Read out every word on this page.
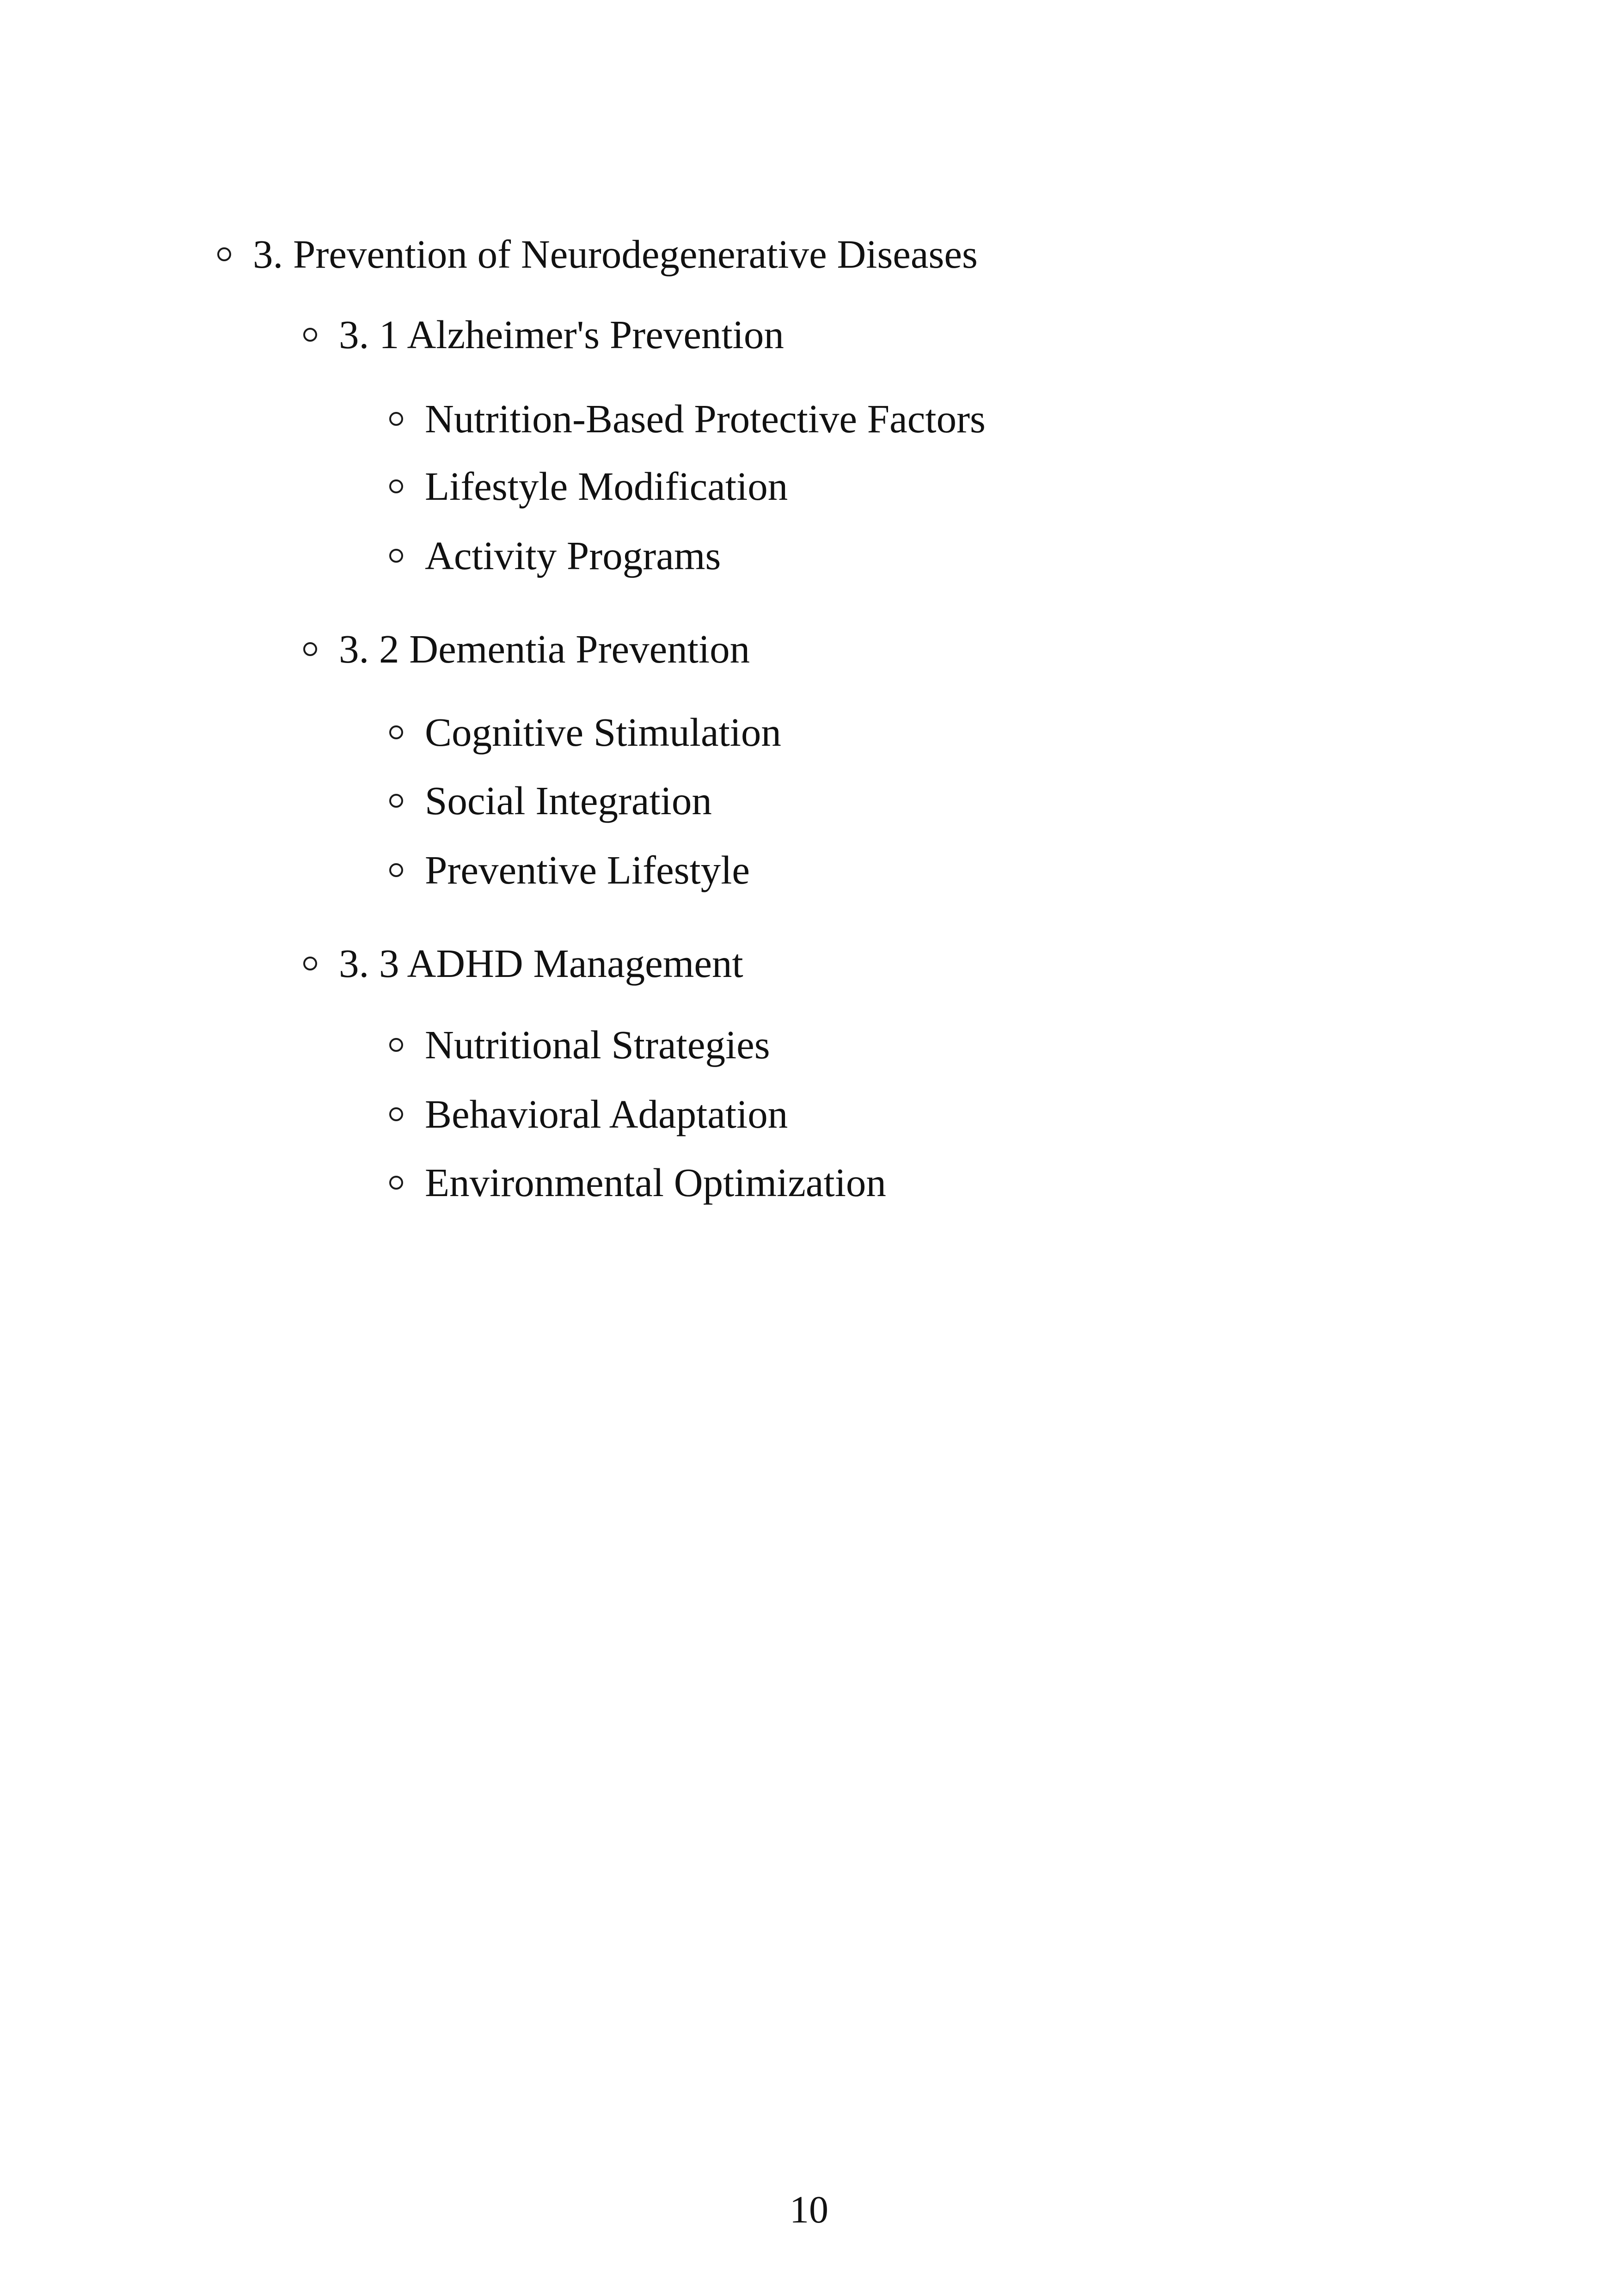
3. Prevention of Neurodegenerative Diseases
3. 1 Alzheimer's Prevention
Nutrition-Based Protective Factors
Lifestyle Modification
Activity Programs
3. 2 Dementia Prevention
Cognitive Stimulation
Social Integration
Preventive Lifestyle
3. 3 ADHD Management
Nutritional Strategies
Behavioral Adaptation
Environmental Optimization
10
